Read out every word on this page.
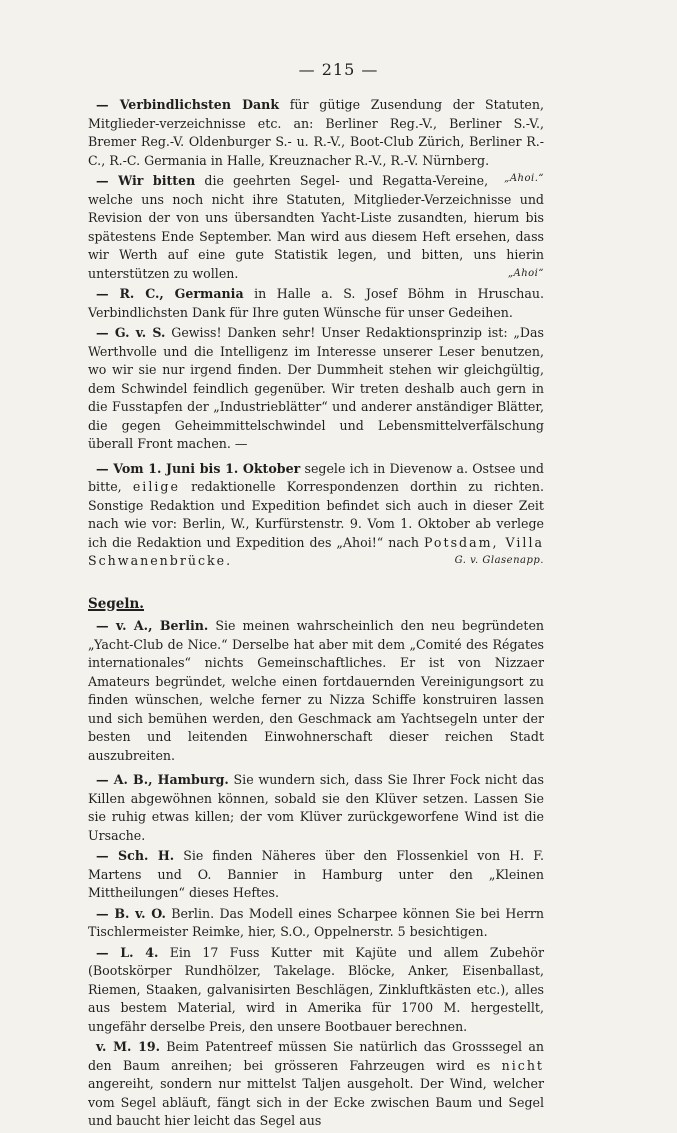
— 215 —

— Verbindlichsten Dank für gütige Zusendung der Statuten, Mitglieder-verzeichnisse etc. an: Berliner Reg.-V., Berliner S.-V., Bremer Reg.-V. Oldenburger S.- u. R.-V., Boot-Club Zürich, Berliner R.-C., R.-C. Germania in Halle, Kreuznacher R.-V., R.-V. Nürnberg.
„Ahoi.“

— Wir bitten die geehrten Segel- und Regatta-Vereine, welche uns noch nicht ihre Statuten, Mitglieder-Verzeichnisse und Revision der von uns übersandten Yacht-Liste zusandten, hierum bis spätestens Ende September. Man wird aus diesem Heft ersehen, dass wir Werth auf eine gute Statistik legen, und bitten, uns hierin unterstützen zu wollen.	„Ahoi“

— R. C., Germania in Halle a. S. Josef Böhm in Hruschau. Verbindlichsten Dank für Ihre guten Wünsche für unser Gedeihen.

— G. v. S. Gewiss! Danken sehr! Unser Redaktionsprinzip ist: „Das Werthvolle und die Intelligenz im Interesse unserer Leser benutzen, wo wir sie nur irgend finden. Der Dummheit stehen wir gleichgültig, dem Schwindel feindlich gegenüber. Wir treten deshalb auch gern in die Fusstapfen der „Industrieblätter“ und anderer anständiger Blätter, die gegen Geheimmittelschwindel und Lebensmittelverfälschung überall Front machen. —

— Vom 1. Juni bis 1. Oktober segele ich in Dievenow a. Ostsee und bitte, eilige redaktionelle Korrespondenzen dorthin zu richten. Sonstige Redaktion und Expedition befindet sich auch in dieser Zeit nach wie vor: Berlin, W., Kurfürstenstr. 9. Vom 1. Oktober ab verlege ich die Redaktion und Expedition des „Ahoi!“ nach Potsdam, Villa Schwanenbrücke.	G. v. Glasenapp.

Segeln.

— v. A., Berlin. Sie meinen wahrscheinlich den neu begründeten „Yacht-Club de Nice.“ Derselbe hat aber mit dem „Comité des Régates internationales“ nichts Gemeinschaftliches. Er ist von Nizzaer Amateurs begründet, welche einen fortdauernden Vereinigungsort zu finden wünschen, welche ferner zu Nizza Schiffe konstruiren lassen und sich bemühen werden, den Geschmack am Yachtsegeln unter der besten und leitenden Einwohnerschaft dieser reichen Stadt auszubreiten.

— A. B., Hamburg. Sie wundern sich, dass Sie Ihrer Fock nicht das Killen abgewöhnen können, sobald sie den Klüver setzen. Lassen Sie sie ruhig etwas killen; der vom Klüver zurückgeworfene Wind ist die Ursache.

— Sch. H. Sie finden Näheres über den Flossenkiel von H. F. Martens und O. Bannier in Hamburg unter den „Kleinen Mittheilungen“ dieses Heftes.

— B. v. O. Berlin. Das Modell eines Scharpee können Sie bei Herrn Tischlermeister Reimke, hier, S.O., Oppelnerstr. 5 besichtigen.

— L. 4. Ein 17 Fuss Kutter mit Kajüte und allem Zubehör (Bootskörper Rundhölzer, Takelage. Blöcke, Anker, Eisenballast, Riemen, Staaken, galvanisirten Beschlägen, Zinkluftkästen etc.), alles aus bestem Material, wird in Amerika für 1700 M. hergestellt, ungefähr derselbe Preis, den unsere Bootbauer berechnen.

v. M. 19. Beim Patentreef müssen Sie natürlich das Grosssegel an den Baum anreihen; bei grösseren Fahrzeugen wird es nicht angereiht, sondern nur mittelst Taljen ausgeholt. Der Wind, welcher vom Segel abläuft, fängt sich in der Ecke zwischen Baum und Segel und baucht hier leicht das Segel aus
